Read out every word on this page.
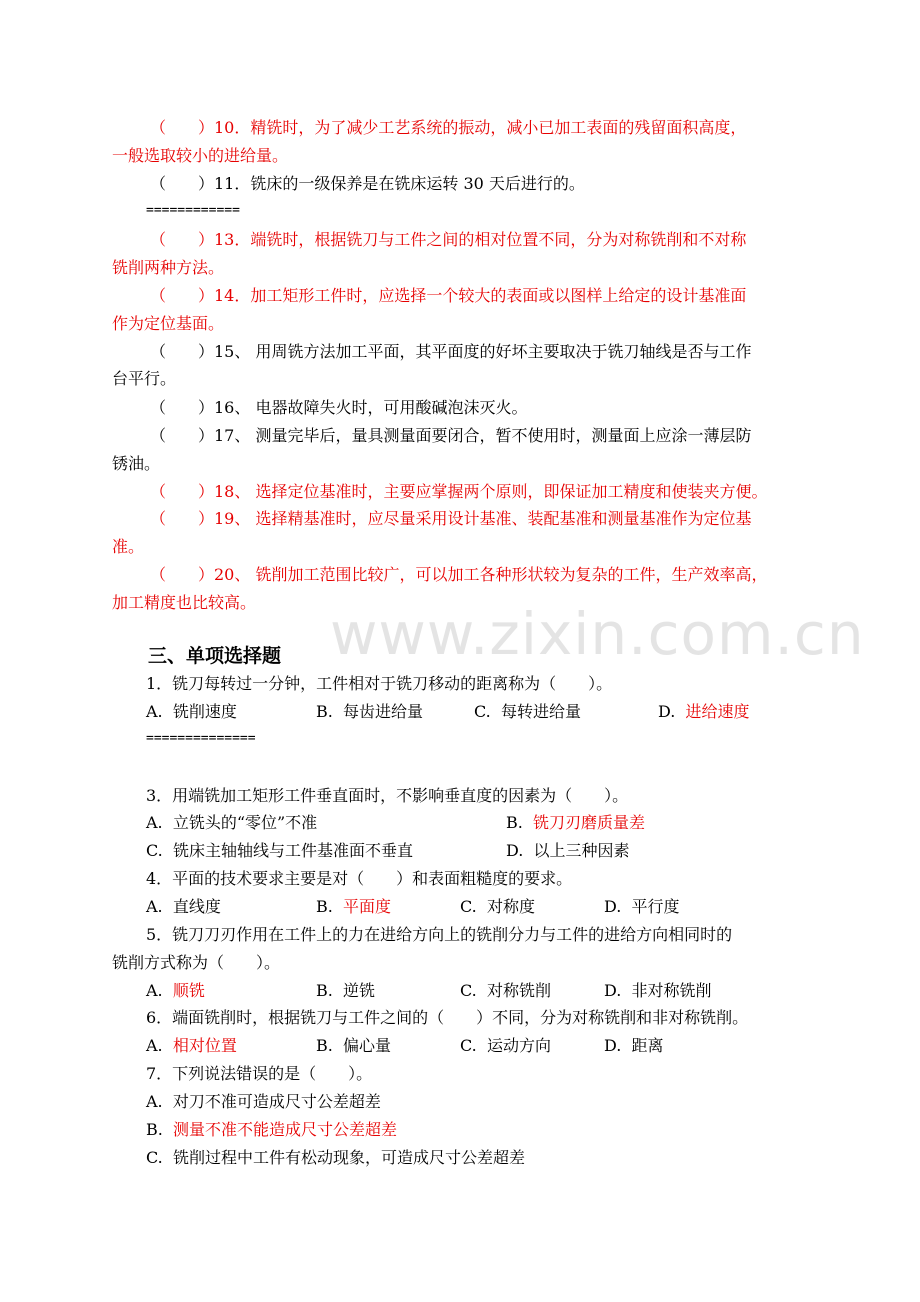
www.zixin.com.cn
（　　）10．精铣时，为了减少工艺系统的振动，减小已加工表面的残留面积高度，
一般选取较小的进给量。
（　　）11．铣床的一级保养是在铣床运转 30 天后进行的。
============
（　　）13．端铣时，根据铣刀与工件之间的相对位置不同，分为对称铣削和不对称
铣削两种方法。
（　　）14．加工矩形工件时，应选择一个较大的表面或以图样上给定的设计基准面
作为定位基面。
（　　）15、 用周铣方法加工平面，其平面度的好坏主要取决于铣刀轴线是否与工作
台平行。
（　　）16、 电器故障失火时，可用酸碱泡沫灭火。
（　　）17、 测量完毕后，量具测量面要闭合，暂不使用时，测量面上应涂一薄层防
锈油。
（　　）18、 选择定位基准时，主要应掌握两个原则，即保证加工精度和使装夹方便。
（　　）19、 选择精基准时，应尽量采用设计基准、装配基准和测量基准作为定位基
准。
（　　）20、 铣削加工范围比较广，可以加工各种形状较为复杂的工件，生产效率高，
加工精度也比较高。
三、单项选择题
1．铣刀每转过一分钟，工件相对于铣刀移动的距离称为（　　）。
A. 铣削速度	B. 每齿进给量	C. 每转进给量	D. 进给速度
==============
3．用端铣加工矩形工件垂直面时，不影响垂直度的因素为（　　）。
A. 立铣头的“零位”不准	B. 铣刀刃磨质量差
C. 铣床主轴轴线与工件基准面不垂直	D. 以上三种因素
4．平面的技术要求主要是对（　　）和表面粗糙度的要求。
A. 直线度	B. 平面度	C. 对称度	D. 平行度
5．铣刀刀刃作用在工件上的力在进给方向上的铣削分力与工件的进给方向相同时的
铣削方式称为（　　）。
A. 顺铣	B. 逆铣	C. 对称铣削	D. 非对称铣削
6．端面铣削时，根据铣刀与工件之间的（　　）不同，分为对称铣削和非对称铣削。
A. 相对位置	B. 偏心量	C. 运动方向	D. 距离
7．下列说法错误的是（　　）。
A. 对刀不准可造成尺寸公差超差
B. 测量不准不能造成尺寸公差超差
C. 铣削过程中工件有松动现象，可造成尺寸公差超差
